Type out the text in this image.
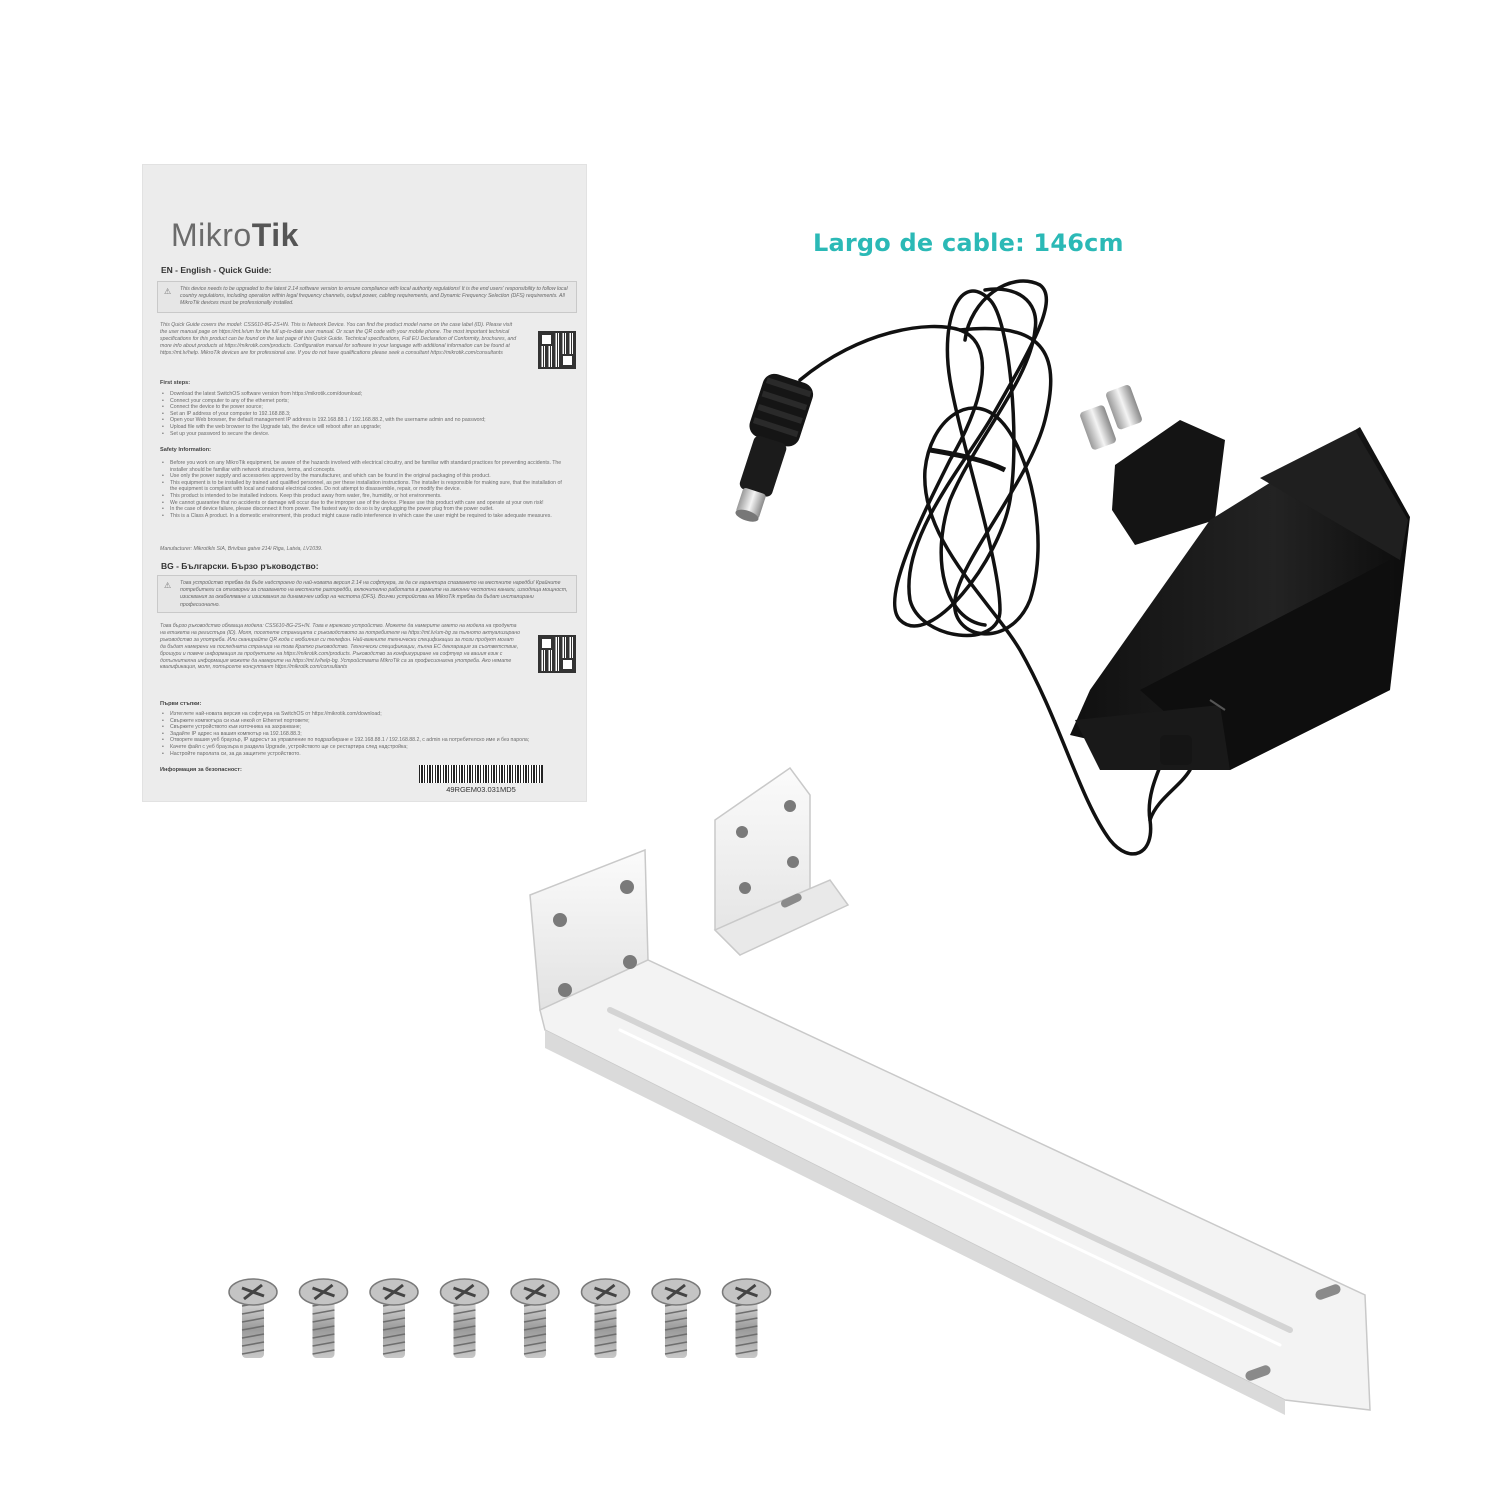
MikroTik
EN - English - Quick Guide:
⚠	This device needs to be upgraded to the latest 2.14 software version to ensure compliance with local authority regulations! It is the end users' responsibility to follow local country regulations, including operation within legal frequency channels, output power, cabling requirements, and Dynamic Frequency Selection (DFS) requirements. All MikroTik devices must be professionally installed.
This Quick Guide covers the model: CSS610-8G-2S+IN. This is Network Device. You can find the product model name on the case label (ID). Please visit the user manual page on https://mt.lv/um for the full up-to-date user manual. Or scan the QR code with your mobile phone. The most important technical specifications for this product can be found on the last page of this Quick Guide. Technical specifications, Full EU Declaration of Conformity, brochures, and more info about products at https://mikrotik.com/products. Configuration manual for software in your language with additional information can be found at https://mt.lv/help. MikroTik devices are for professional use. If you do not have qualifications please seek a consultant https://mikrotik.com/consultants
First steps:
• Download the latest SwitchOS software version from https://mikrotik.com/download;
• Connect your computer to any of the ethernet ports;
• Connect the device to the power source;
• Set an IP address of your computer to 192.168.88.3;
• Open your Web browser, the default management IP address is 192.168.88.1 / 192.168.88.2, with the username admin and no password;
• Upload file with the web browser to the Upgrade tab, the device will reboot after an upgrade;
• Set up your password to secure the device.
Safety Information:
• Before you work on any MikroTik equipment, be aware of the hazards involved with electrical circuitry, and be familiar with standard practices for preventing accidents. The installer should be familiar with network structures, terms, and concepts.
• Use only the power supply and accessories approved by the manufacturer, and which can be found in the original packaging of this product.
• This equipment is to be installed by trained and qualified personnel, as per these installation instructions. The installer is responsible for making sure, that the installation of the equipment is compliant with local and national electrical codes. Do not attempt to disassemble, repair, or modify the device.
• This product is intended to be installed indoors. Keep this product away from water, fire, humidity, or hot environments.
• We cannot guarantee that no accidents or damage will occur due to the improper use of the device. Please use this product with care and operate at your own risk!
• In the case of device failure, please disconnect it from power. The fastest way to do so is by unplugging the power plug from the power outlet.
• This is a Class A product. In a domestic environment, this product might cause radio interference in which case the user might be required to take adequate measures.
Manufacturer: Mikrotikls SIA, Brivibas gatve 214i Riga, Latvia, LV1039.
BG - Български. Бързо ръководство:
⚠	Това устройство трябва да бъде надстроено до най-новата версия 2.14 на софтуера, за да се гарантира спазването на местните наредби! Крайните потребители са отговорни за спазването на местните разпоредби, включително работата в рамките на законни честотни канали, изходяща мощност, изисквания за окабеляване и изисквания за динамичен избор на честота (DFS). Всички устройства на MikroTik трябва да бъдат инсталирани професионално.
Това бързо ръководство обхваща модела: CSS610-8G-2S+IN. Това е мрежово устройство. Можете да намерите името на модела на продукта на етикета на регистъра (ID). Моля, посетете страницата с ръководството за потребителя на https://mt.lv/um-bg за пълното актуализирано ръководство за употреба. Или сканирайте QR кода с мобилния си телефон. Най-важните технически спецификации за този продукт могат да бъдат намерени на последната страница на това Кратко ръководство. Технически спецификации, пълна ЕС декларация за съответствие, брошури и повече информация за продуктите на https://mikrotik.com/products. Ръководство за конфигуриране на софтуер на вашия език с допълнителна информация можете да намерите на https://mt.lv/help-bg. Устройствата MikroTik са за професионална употреба. Ако нямате квалификация, моля, потърсете консултант https://mikrotik.com/consultants
Първи стъпки:
• Изтеглете най-новата версия на софтуера на SwitchOS от https://mikrotik.com/download;
• Свържете компютъра си към някой от Ethernet портовете;
• Свържете устройството към източника на захранване;
• Задайте IP адрес на вашия компютър на 192.168.88.3;
• Отворете вашия уеб браузър, IP адресът за управление по подразбиране е 192.168.88.1 / 192.168.88.2, с admin на потребителско име и без парола;
• Качете файл с уеб браузъра в раздела Upgrade, устройството ще се рестартира след надстройка;
• Настройте паролата си, за да защитите устройството.
Информация за безопасност:
49RGEM03.031MD5
Largo de cable: 146cm
